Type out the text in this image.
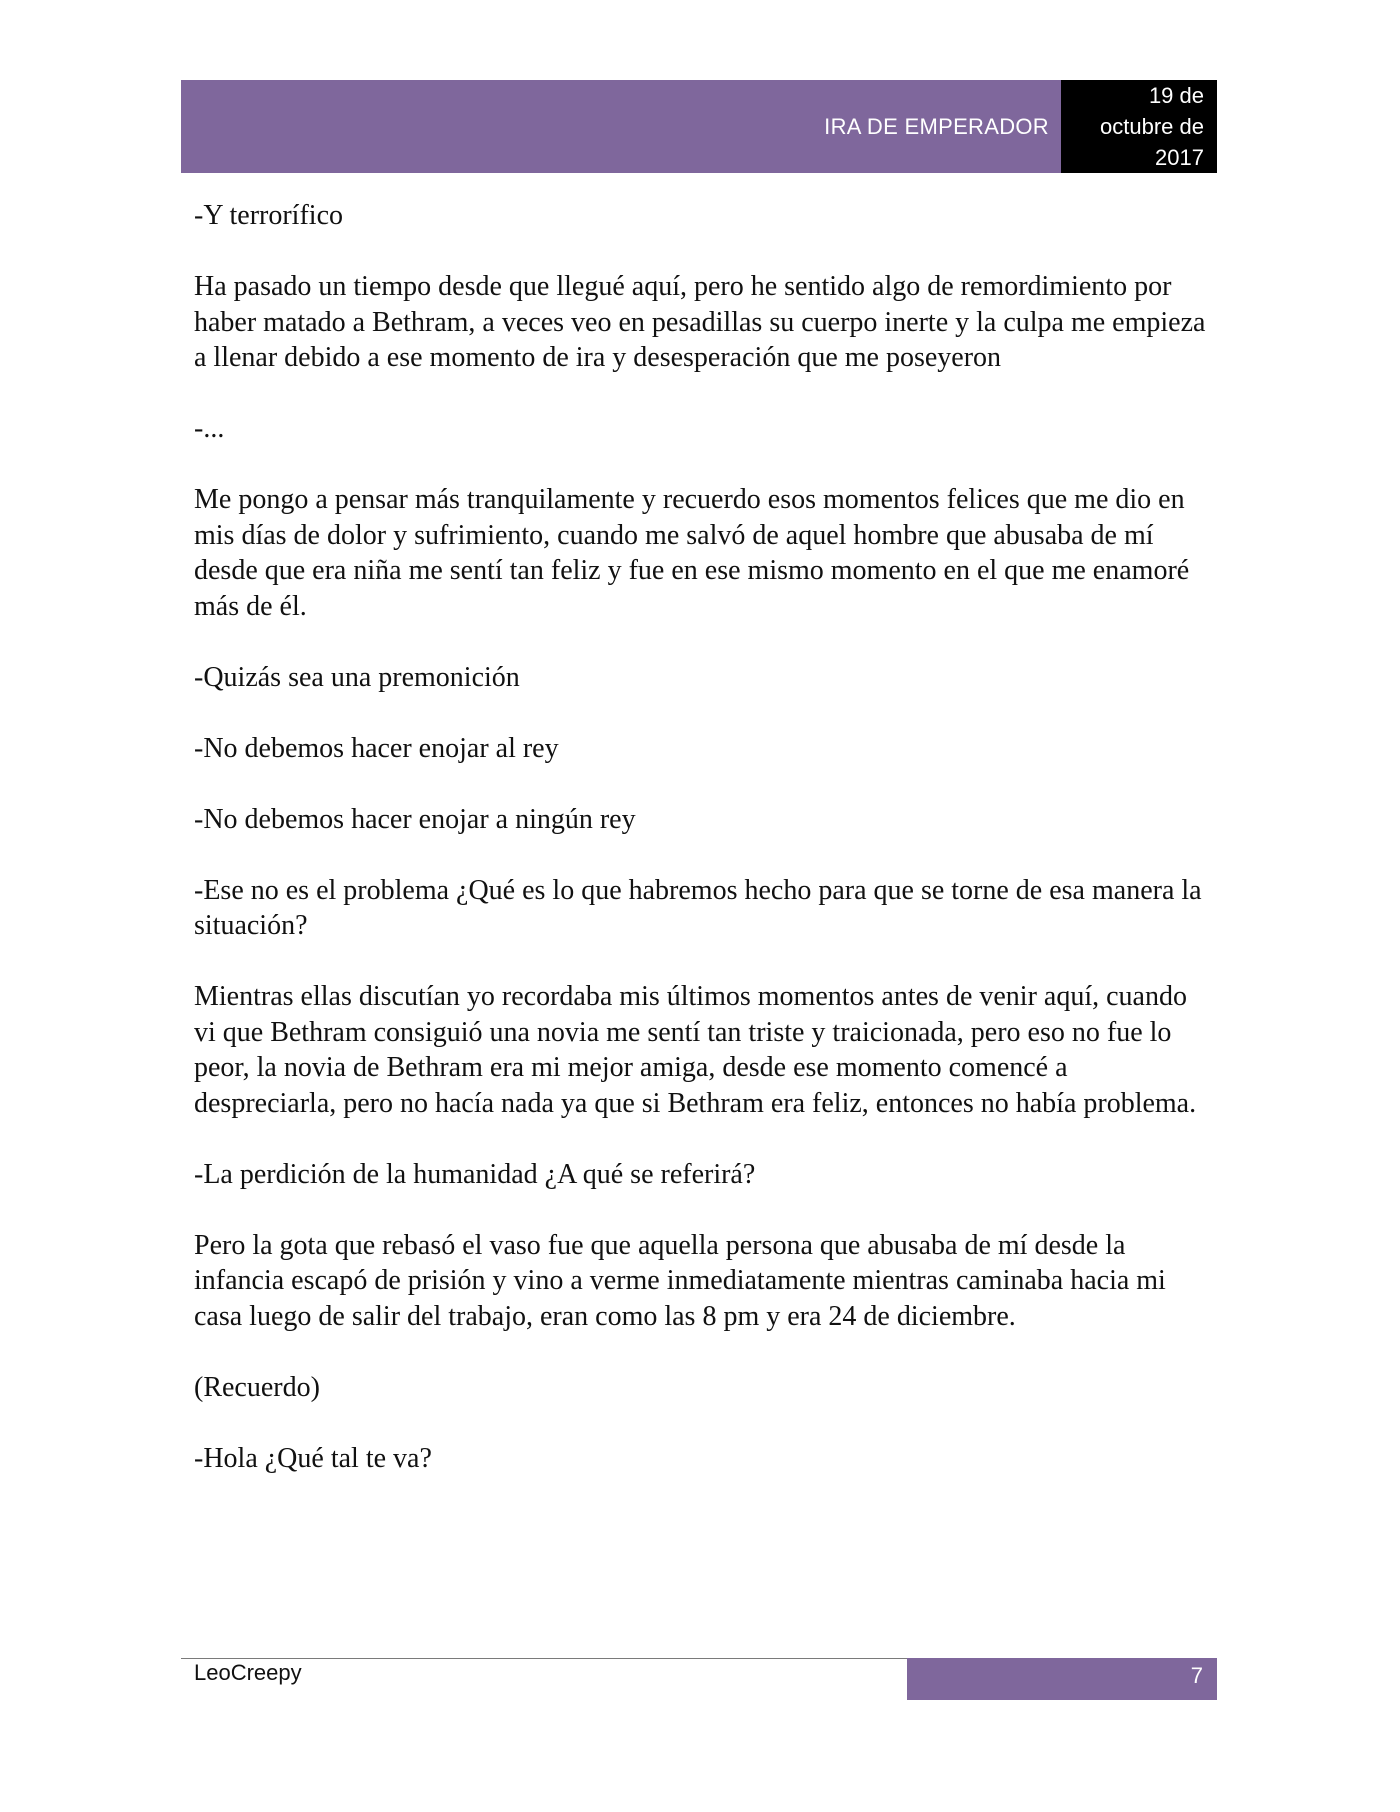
IRA DE EMPERADOR
19 de
octubre de
2017

-Y terrorífico

Ha pasado un tiempo desde que llegué aquí, pero he sentido algo de remordimiento por haber matado a Bethram, a veces veo en pesadillas su cuerpo inerte y la culpa me empieza a llenar debido a ese momento de ira y desesperación que me poseyeron

-...

Me pongo a pensar más tranquilamente y recuerdo esos momentos felices que me dio en mis días de dolor y sufrimiento, cuando me salvó de aquel hombre que abusaba de mí desde que era niña me sentí tan feliz y fue en ese mismo momento en el que me enamoré más de él.

-Quizás sea una premonición

-No debemos hacer enojar al rey

-No debemos hacer enojar a ningún rey

-Ese no es el problema ¿Qué es lo que habremos hecho para que se torne de esa manera la situación?

Mientras ellas discutían yo recordaba mis últimos momentos antes de venir aquí, cuando vi que Bethram consiguió una novia me sentí tan triste y traicionada, pero eso no fue lo peor, la novia de Bethram era mi mejor amiga, desde ese momento comencé a despreciarla, pero no hacía nada ya que si Bethram era feliz, entonces no había problema.

-La perdición de la humanidad ¿A qué se referirá?

Pero la gota que rebasó el vaso fue que aquella persona que abusaba de mí desde la infancia escapó de prisión y vino a verme inmediatamente mientras caminaba hacia mi casa luego de salir del trabajo, eran como las 8 pm y era 24 de diciembre.

(Recuerdo)

-Hola ¿Qué tal te va?

LeoCreepy	7
